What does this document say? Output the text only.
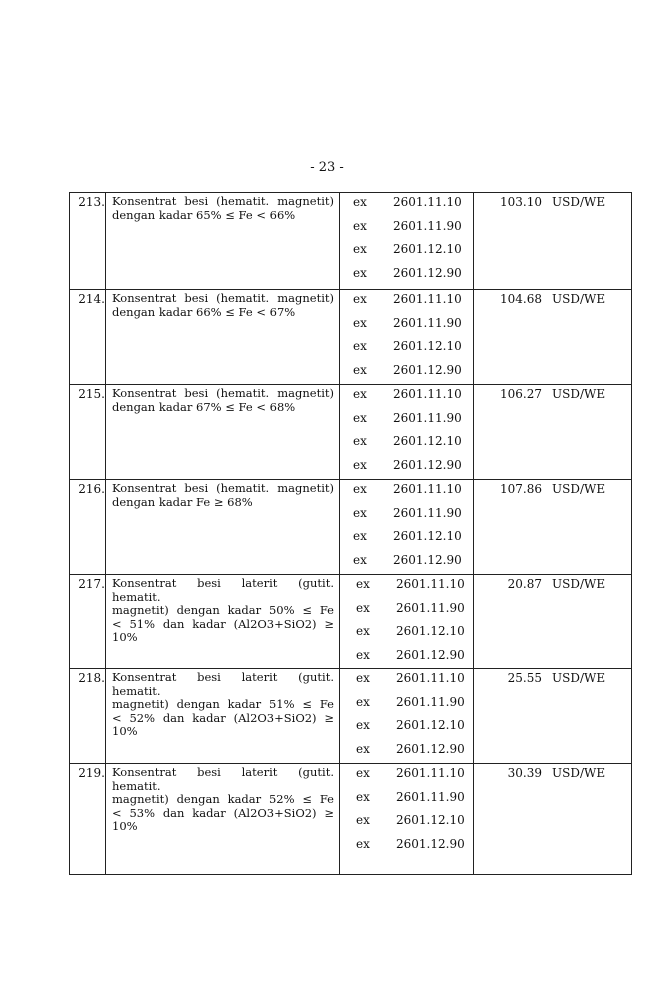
- 23 -
213. Konsentrat besi (hematit. magnetit)
dengan kadar 65% ≤ Fe < 66%
ex 2601.11.10
ex 2601.11.90
ex 2601.12.10
ex 2601.12.90
103.10 USD/WE
214. Konsentrat besi (hematit. magnetit)
dengan kadar 66% ≤ Fe < 67%
ex 2601.11.10
ex 2601.11.90
ex 2601.12.10
ex 2601.12.90
104.68 USD/WE
215. Konsentrat besi (hematit. magnetit)
dengan kadar 67% ≤ Fe < 68%
ex 2601.11.10
ex 2601.11.90
ex 2601.12.10
ex 2601.12.90
106.27 USD/WE
216. Konsentrat besi (hematit. magnetit)
dengan kadar Fe ≥ 68%
ex 2601.11.10
ex 2601.11.90
ex 2601.12.10
ex 2601.12.90
107.86 USD/WE
217. Konsentrat besi laterit (gutit. hematit.
magnetit) dengan kadar 50% ≤ Fe
< 51% dan kadar (Al2O3+SiO2) ≥
10%
ex 2601.11.10
ex 2601.11.90
ex 2601.12.10
ex 2601.12.90
20.87 USD/WE
218. Konsentrat besi laterit (gutit. hematit.
magnetit) dengan kadar 51% ≤ Fe
< 52% dan kadar (Al2O3+SiO2) ≥
10%
ex 2601.11.10
ex 2601.11.90
ex 2601.12.10
ex 2601.12.90
25.55 USD/WE
219. Konsentrat besi laterit (gutit. hematit.
magnetit) dengan kadar 52% ≤ Fe
< 53% dan kadar (Al2O3+SiO2) ≥
10%
ex 2601.11.10
ex 2601.11.90
ex 2601.12.10
ex 2601.12.90
30.39 USD/WE
